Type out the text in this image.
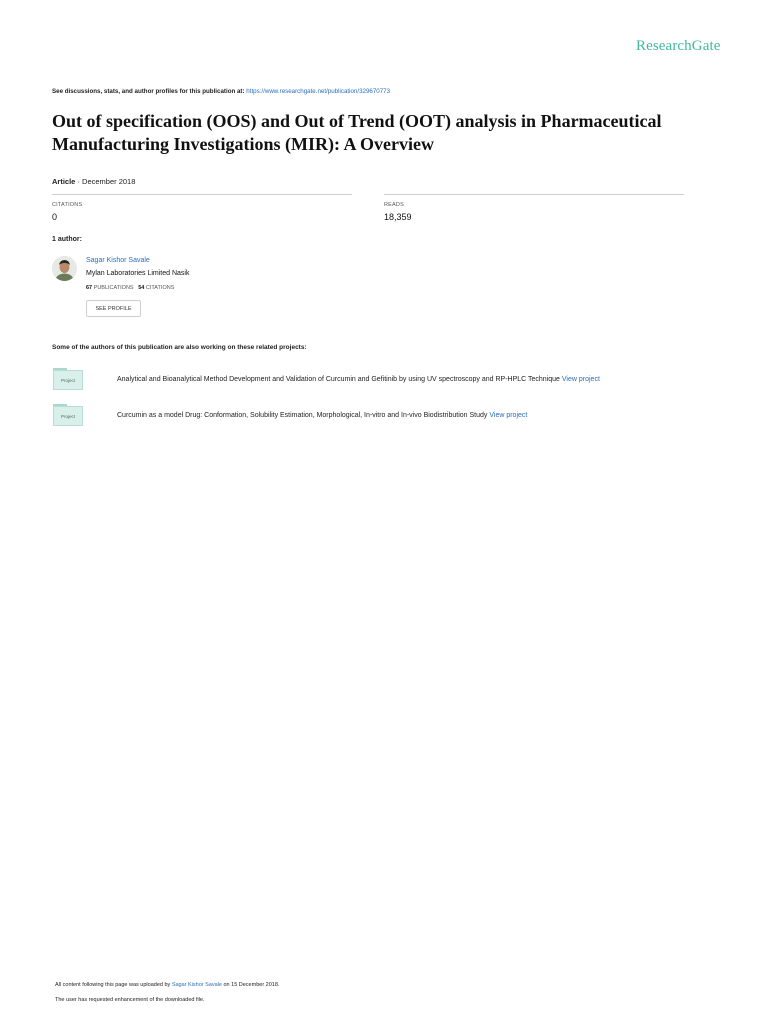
ResearchGate
See discussions, stats, and author profiles for this publication at: https://www.researchgate.net/publication/329670773
Out of specification (OOS) and Out of Trend (OOT) analysis in Pharmaceutical Manufacturing Investigations (MIR): A Overview
Article · December 2018
CITATIONS
0
READS
18,359
1 author:
Sagar Kishor Savale
Mylan Laboratories Limited Nasik
67 PUBLICATIONS 54 CITATIONS
SEE PROFILE
Some of the authors of this publication are also working on these related projects:
Project	Analytical and Bioanalytical Method Development and Validation of Curcumin and Gefitinib by using UV spectroscopy and RP-HPLC Technique View project
Project	Curcumin as a model Drug: Conformation, Solubility Estimation, Morphological, In-vitro and In-vivo Biodistribution Study View project
All content following this page was uploaded by Sagar Kishor Savale on 15 December 2018.
The user has requested enhancement of the downloaded file.
